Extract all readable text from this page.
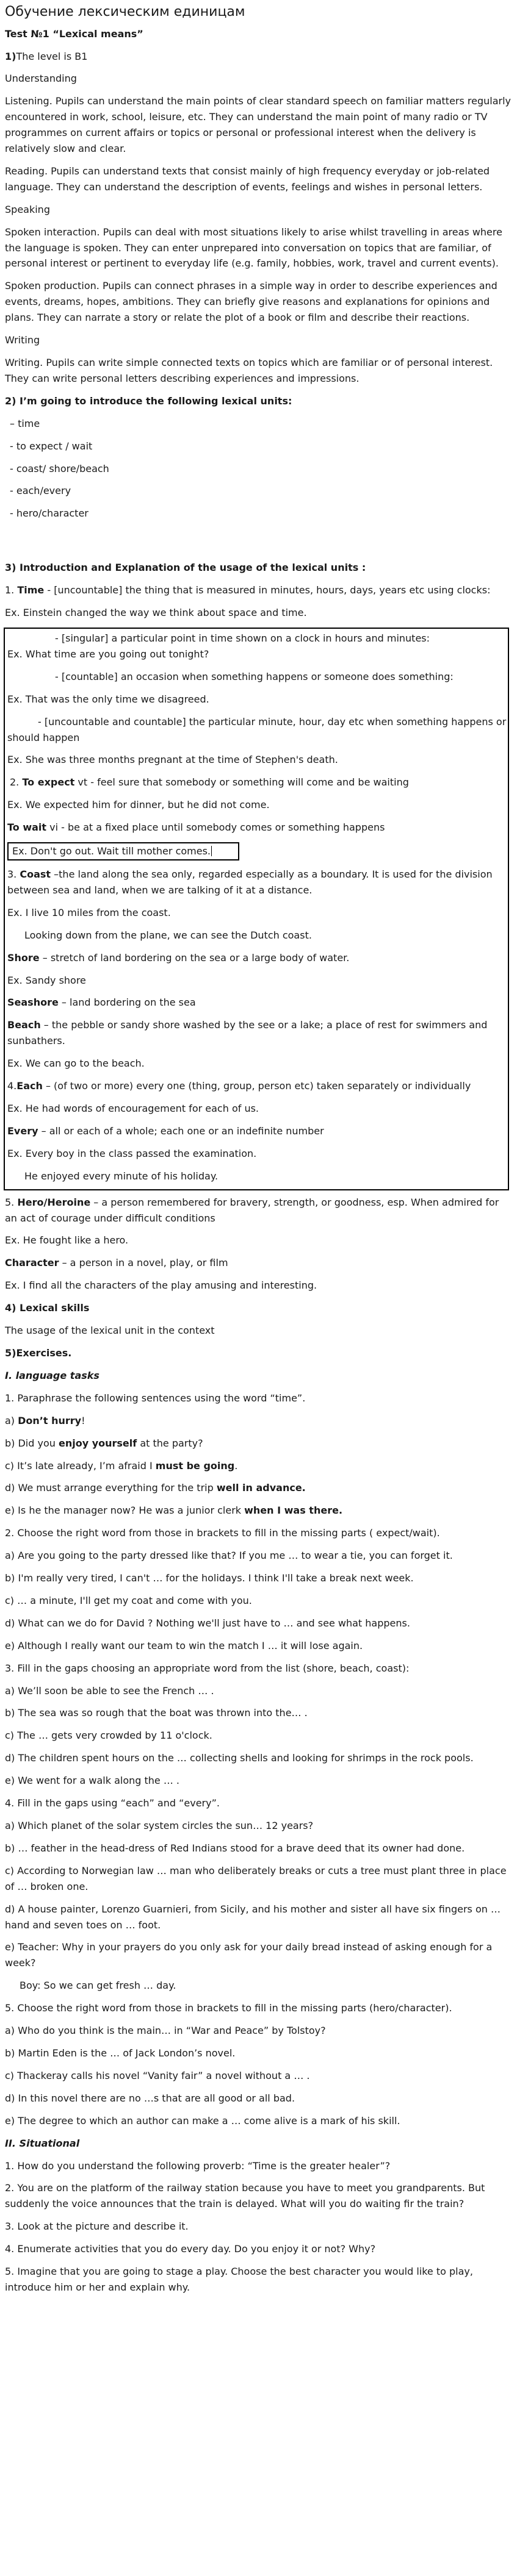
Обучение лексическим единицам

Test №1 “Lexical means”

1)The level is B1

Understanding

Listening. Pupils can understand the main points of clear standard speech on familiar matters regularly encountered in work, school, leisure, etc. They can understand the main point of many radio or TV programmes on current affairs or topics or personal or professional interest when the delivery is relatively slow and clear.

Reading. Pupils can understand texts that consist mainly of high frequency everyday or job-related language. They can understand the description of events, feelings and wishes in personal letters.

Speaking

Spoken interaction. Pupils can deal with most situations likely to arise whilst travelling in areas where the language is spoken. They can enter unprepared into conversation on topics that are familiar, of personal interest or pertinent to everyday life (e.g. family, hobbies, work, travel and current events).

Spoken production. Pupils can connect phrases in a simple way in order to describe experiences and events, dreams, hopes, ambitions. They can briefly give reasons and explanations for opinions and plans. They can narrate a story or relate the plot of a book or film and describe their reactions.

Writing

Writing. Pupils can write simple connected texts on topics which are familiar or of personal interest. They can write personal letters describing experiences and impressions.

2) I’m going to introduce the following lexical units:

– time

- to expect / wait

- coast/ shore/beach

- each/every

- hero/character

3) Introduction and Explanation of the usage of the lexical units :

1. Time - [uncountable] the thing that is measured in minutes, hours, days, years etc using clocks:

Ex. Einstein changed the way we think about space and time.

- [singular] a particular point in time shown on a clock in hours and minutes:

Ex. What time are you going out tonight?

- [countable] an occasion when something happens or someone does something:

Ex. That was the only time we disagreed.

- [uncountable and countable] the particular minute, hour, day etc when something happens or should happen

Ex. She was three months pregnant at the time of Stephen's death.

2. To expect vt - feel sure that somebody or something will come and be waiting

Ex. We expected him for dinner, but he did not come.

To wait vi - be at a fixed place until somebody comes or something happens

Ex. Don't go out. Wait till mother comes.

3. Coast –the land along the sea only, regarded especially as a boundary. It is used for the division between sea and land, when we are talking of it at a distance.

Ex. I live 10 miles from the coast.

Looking down from the plane, we can see the Dutch coast.

Shore – stretch of land bordering on the sea or a large body of water.

Ex. Sandy shore

Seashore – land bordering on the sea

Beach – the pebble or sandy shore washed by the see or a lake; a place of rest for swimmers and sunbathers.

Ex. We can go to the beach.

4.Each – (of two or more) every one (thing, group, person etc) taken separately or individually

Ex. He had words of encouragement for each of us.

Every – all or each of a whole; each one or an indefinite number

Ex. Every boy in the class passed the examination.

He enjoyed every minute of his holiday.

5. Hero/Heroine – a person remembered for bravery, strength, or goodness, esp. When admired for an act of courage under difficult conditions

Ex. He fought like a hero.

Character – a person in a novel, play, or film

Ex. I find all the characters of the play amusing and interesting.

4) Lexical skills

The usage of the lexical unit in the context

5)Exercises.

I. language tasks

1. Paraphrase the following sentences using the word “time”.

a) Don’t hurry!

b) Did you enjoy yourself at the party?

c) It’s late already, I’m afraid I must be going.

d) We must arrange everything for the trip well in advance.

e) Is he the manager now? He was a junior clerk when I was there.

2. Choose the right word from those in brackets to fill in the missing parts ( expect/wait).

a) Are you going to the party dressed like that? If you me … to wear a tie, you can forget it.

b) I'm really very tired, I can't … for the holidays. I think I'll take a break next week.

c) … a minute, I'll get my coat and come with you.

d) What can we do for David ? Nothing we'll just have to … and see what happens.

e) Although I really want our team to win the match I … it will lose again.

3. Fill in the gaps choosing an appropriate word from the list (shore, beach, coast):

a) We’ll soon be able to see the French … .

b) The sea was so rough that the boat was thrown into the… .

c) The … gets very crowded by 11 o'clock.

d) The children spent hours on the … collecting shells and looking for shrimps in the rock pools.

e) We went for a walk along the … .

4. Fill in the gaps using “each” and “every”.

a) Which planet of the solar system circles the sun… 12 years?

b) … feather in the head-dress of Red Indians stood for a brave deed that its owner had done.

c) According to Norwegian law … man who deliberately breaks or cuts a tree must plant three in place of … broken one.

d) A house painter, Lorenzo Guarnieri, from Sicily, and his mother and sister all have six fingers on … hand and seven toes on … foot.

e) Teacher: Why in your prayers do you only ask for your daily bread instead of asking enough for a week?

Boy: So we can get fresh … day.

5. Choose the right word from those in brackets to fill in the missing parts (hero/character).

a) Who do you think is the main… in “War and Peace” by Tolstoy?

b) Martin Eden is the … of Jack London’s novel.

c) Thackeray calls his novel “Vanity fair” a novel without a … .

d) In this novel there are no …s that are all good or all bad.

e) The degree to which an author can make a … come alive is a mark of his skill.

II. Situational

1. How do you understand the following proverb: “Time is the greater healer”?

2. You are on the platform of the railway station because you have to meet you grandparents. But suddenly the voice announces that the train is delayed. What will you do waiting fir the train?

3. Look at the picture and describe it.

4. Enumerate activities that you do every day. Do you enjoy it or not? Why?

5. Imagine that you are going to stage a play. Choose the best character you would like to play, introduce him or her and explain why.
